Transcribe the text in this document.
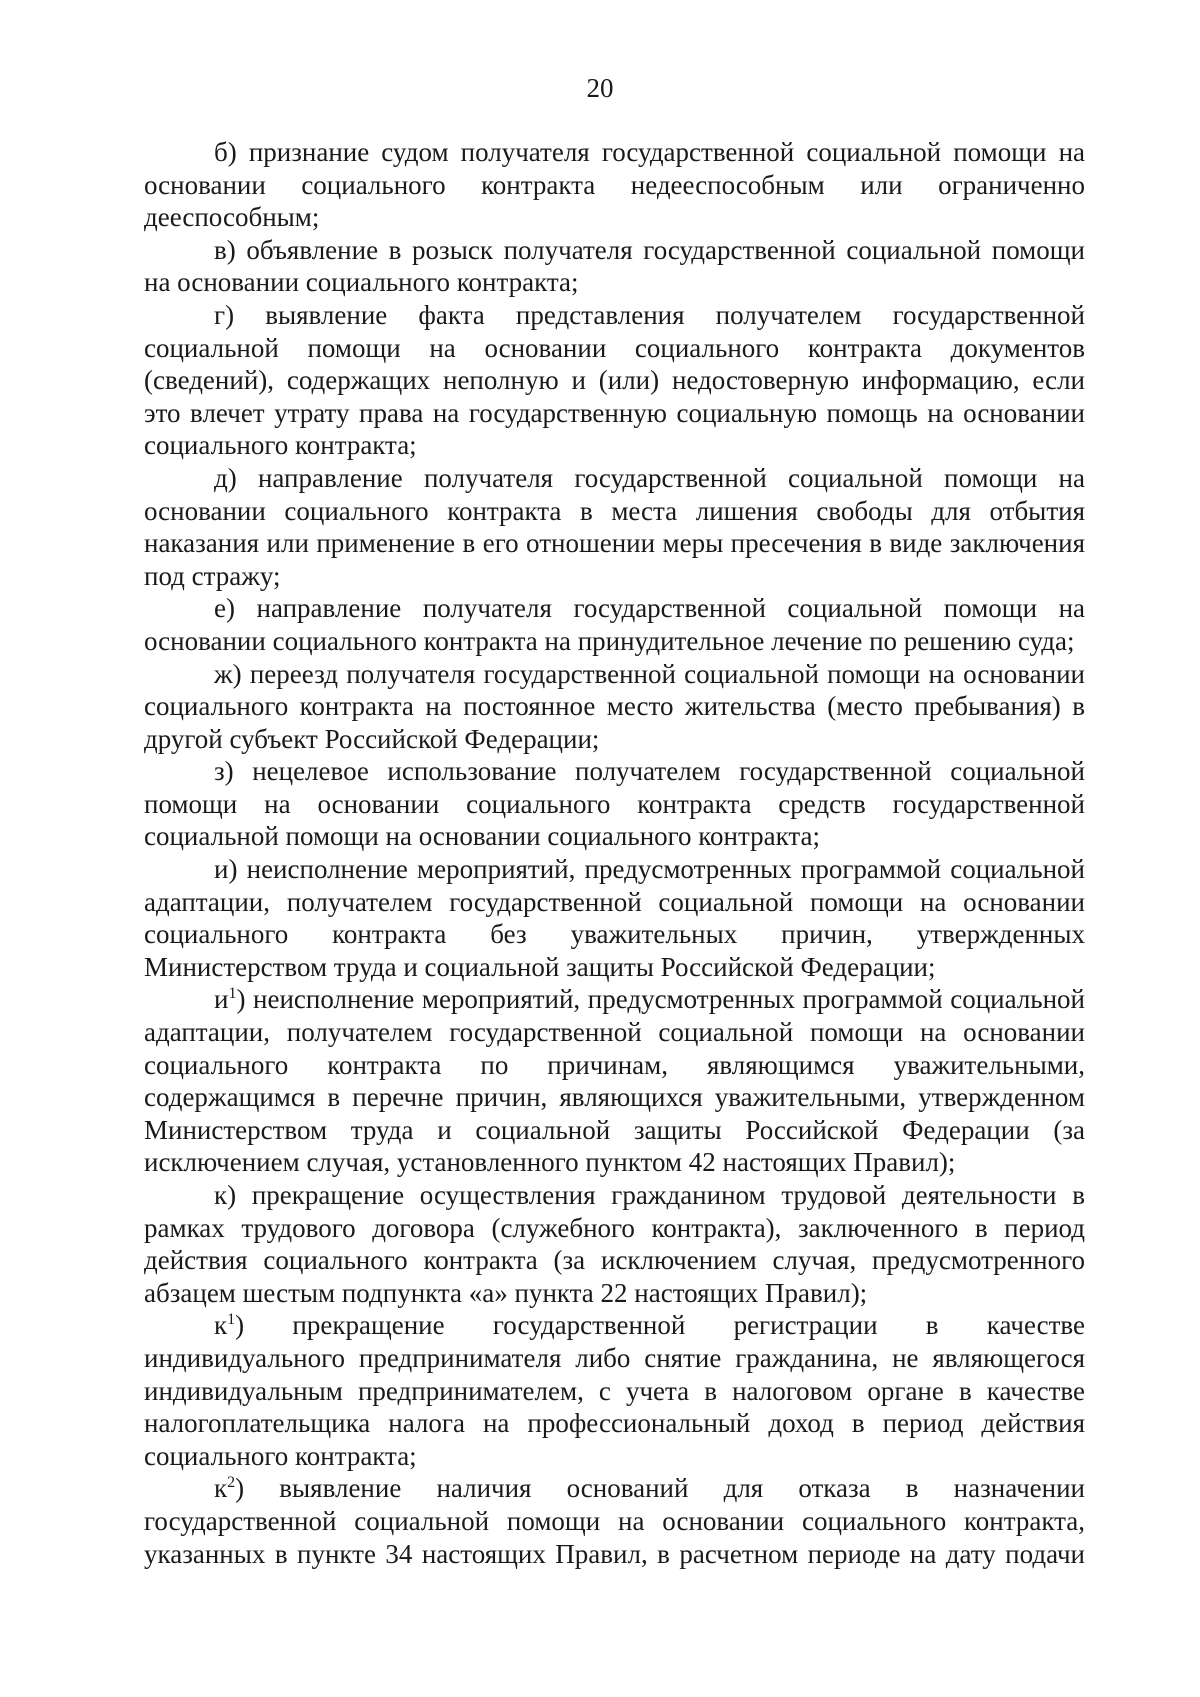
20

б) признание судом получателя государственной социальной помощи на основании социального контракта недееспособным или ограниченно дееспособным;

в) объявление в розыск получателя государственной социальной помощи на основании социального контракта;

г) выявление факта представления получателем государственной социальной помощи на основании социального контракта документов (сведений), содержащих неполную и (или) недостоверную информацию, если это влечет утрату права на государственную социальную помощь на основании социального контракта;

д) направление получателя государственной социальной помощи на основании социального контракта в места лишения свободы для отбытия наказания или применение в его отношении меры пресечения в виде заключения под стражу;

е) направление получателя государственной социальной помощи на основании социального контракта на принудительное лечение по решению суда;

ж) переезд получателя государственной социальной помощи на основании социального контракта на постоянное место жительства (место пребывания) в другой субъект Российской Федерации;

з) нецелевое использование получателем государственной социальной помощи на основании социального контракта средств государственной социальной помощи на основании социального контракта;

и) неисполнение мероприятий, предусмотренных программой социальной адаптации, получателем государственной социальной помощи на основании социального контракта без уважительных причин, утвержденных Министерством труда и социальной защиты Российской Федерации;

$и^1$) неисполнение мероприятий, предусмотренных программой социальной адаптации, получателем государственной социальной помощи на основании социального контракта по причинам, являющимся уважительными, содержащимся в перечне причин, являющихся уважительными, утвержденном Министерством труда и социальной защиты Российской Федерации (за исключением случая, установленного пунктом 42 настоящих Правил);

к) прекращение осуществления гражданином трудовой деятельности в рамках трудового договора (служебного контракта), заключенного в период действия социального контракта (за исключением случая, предусмотренного абзацем шестым подпункта «а» пункта 22 настоящих Правил);

$к^1$) прекращение государственной регистрации в качестве индивидуального предпринимателя либо снятие гражданина, не являющегося индивидуальным предпринимателем, с учета в налоговом органе в качестве налогоплательщика налога на профессиональный доход в период действия социального контракта;

$к^2$) выявление наличия оснований для отказа в назначении государственной социальной помощи на основании социального контракта, указанных в пункте 34 настоящих Правил, в расчетном периоде на дату подачи
